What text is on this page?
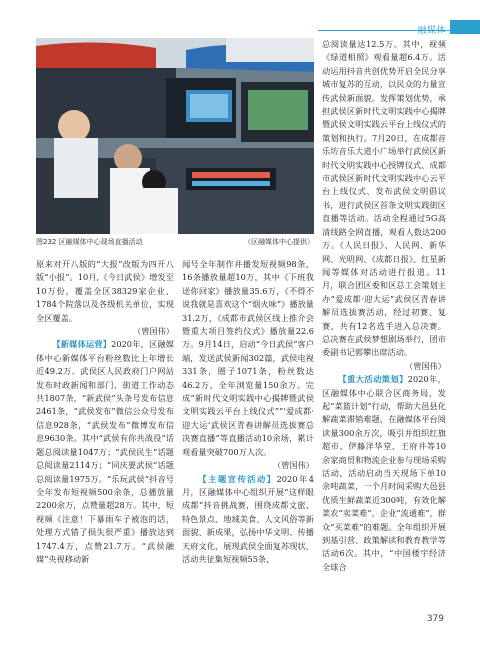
融媒体
图232 区融媒体中心现场直播活动	（区融媒体中心提供）

总阅读量达12.5万。其中，视频《绿道相照》观看量超6.4万。活动运用抖音共创优势开启全民分享城市复苏的互动，以民众的力量宣传武侯新面貌。发挥策划优势，承担武侯区新时代文明实践中心揭牌暨武侯文明实践云平台上线仪式的策划和执行。7月20日，在成都音乐坊音乐大道小广场举行武侯区新时代文明实践中心授牌仪式、成都市武侯区新时代文明实践中心云平台上线仪式、发布武侯文明倡议书，进行武侯区首条文明实践街区直播等活动。活动全程通过5G高清线路全网直播，观看人数达200万。《人民日报》、人民网、新华网、光明网、《成都日报》、红星新闻等媒体对活动进行报道。11月，联合团区委和区总工会策划主办“爱成都·迎大运”武侯区青春讲解员选拔赛活动，经过初赛、复赛，共有12名选手进入总决赛。总决赛在武侯梦想剧场举行，团市委副书记郭攀出席活动。

（曾国伟）

【重大活动策划】2020年，区融媒体中心联合区商务局，发起“菜篮计划”行动，帮助大邑县化解蔬菜滞销难题，在融媒体平台阅读量300余万次，吸引并组织红旗超市、伊藤洋华堂、王府井等10余家商贸和物流企业参与现场采购活动，活动启动当天现场下单10余吨蔬菜，一个月时间采购大邑县优质生鲜蔬菜近300吨，有效化解菜农“卖菜难”，企业“流通难”，群众“买菜难”的难题。全年组织开展到基引营、政策解读和教育教学等活动6次。其中，“中国楼宇经济全球合

原来对开八版的“大报”改版为四开八版“小报”。10月,《今日武侯》增发至10万份，覆盖全区38329家企业、1784个院落以及各级机关单位，实现全区覆盖。

（曾国伟）

【新媒体运营】2020年，区融媒体中心新媒体平台粉丝数比上年增长近49.2万。武侯区人民政府门户网站发布时政新闻和部门、街道工作动态共1807条，“新武侯”头条号发布信息2461条，“武侯发布”微信公众号发布信息928条，“武侯发布”微博发布信息9630条。其中“武侯有你共战役”话题总阅读量1047万；“武侯民生”话题总阅读量2114万；“同庆要武侯”话题总阅读量1975万。“乐玩武侯”抖音号全年发布短视频500余条，总播放量2200余万，点赞量超28万。其中，短视频《注意！下暴雨车子被泡的话，处理方式错了损失很严重》播放达到1747.4万，点赞21.7万。“武侯融媒”央视移动新

闻号全年制作并播发短视频98条，16条播放量超10万，其中《下班我送你回家》播放量35.6万，《不得不说我就是喜欢这个“烟火味”》播放量31.2万，《成都市武侯区线上推介会暨重大项目签约仪式》播放量22.6万。9月14日，启动“今日武侯”客户端，发送武侯新闻302篇，武侯电视331条，圈子1071条，粉丝数达46.2万，全年浏览量150余万。完成“新时代文明实践中心揭牌暨武侯文明实践云平台上线仪式”“‘爱成都·迎大运’武侯区青春讲解员选拔赛总决赛直播”等直播活动10余场，累计观看量突破700万人次。

（曾国伟）

【主题宣传活动】2020年4月，区融媒体中心组织开展“这样眼成都”抖音挑战赛，围绕成都文旅、特色景点、地域美食、人文风俗等新面貌、新成果，弘扬中华文明、传播天府文化，展现武侯全面复苏现状，活动共征集短视频55条，

379
